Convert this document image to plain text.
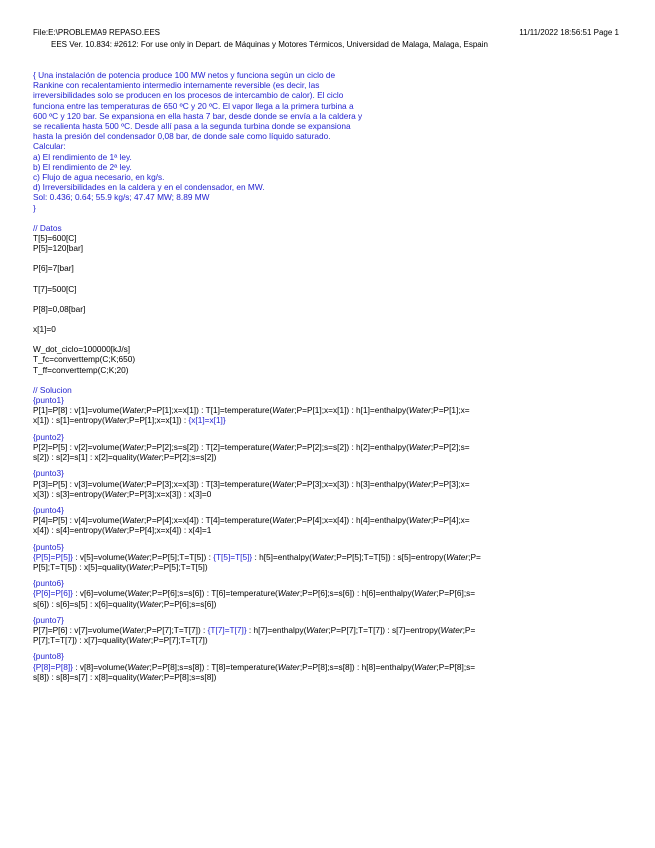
File:E:\PROBLEMA9 REPASO.EES	11/11/2022 18:56:51 Page 1
EES Ver. 10.834: #2612: For use only in Depart. de Máquinas y Motores Térmicos, Universidad de Malaga, Malaga, Espain
{ Una instalación de potencia produce 100 MW netos y funciona según un ciclo de
Rankine con recalentamiento intermedio internamente reversible (es decir, las
irreversibilidades solo se producen en los procesos de intercambio de calor). El ciclo
funciona entre las temperaturas de 650 ºC y 20 ºC. El vapor llega a la primera turbina a
600 ºC y 120 bar. Se expansiona en ella hasta 7 bar, desde donde se envía a la caldera y
se recalienta hasta 500 ºC. Desde allí pasa a la segunda turbina donde se expansiona
hasta la presión del condensador 0,08 bar, de donde sale como líquido saturado.
Calcular:
a) El rendimiento de 1ª ley.
b) El rendimiento de 2ª ley.
c) Flujo de agua necesario, en kg/s.
d) Irreversibilidades en la caldera y en el condensador, en MW.
Sol: 0.436; 0.64; 55.9 kg/s; 47.47 MW; 8.89 MW
}
// Datos
T[5]=600[C]
P[5]=120[bar]
P[6]=7[bar]
T[7]=500[C]
P[8]=0,08[bar]
x[1]=0
W_dot_ciclo=100000[kJ/s]
T_fc=converttemp(C;K;650)
T_ff=converttemp(C;K;20)
// Solucion
{punto1}
P[1]=P[8] : v[1]=volume(Water;P=P[1];x=x[1]) : T[1]=temperature(Water;P=P[1];x=x[1]) : h[1]=enthalpy(Water;P=P[1];x=
x[1]) : s[1]=entropy(Water;P=P[1];x=x[1]) : {x[1]=x[1]}
{punto2}
P[2]=P[5] : v[2]=volume(Water;P=P[2];s=s[2]) : T[2]=temperature(Water;P=P[2];s=s[2]) : h[2]=enthalpy(Water;P=P[2];s=
s[2]) : s[2]=s[1] : x[2]=quality(Water;P=P[2];s=s[2])
{punto3}
P[3]=P[5] : v[3]=volume(Water;P=P[3];x=x[3]) : T[3]=temperature(Water;P=P[3];x=x[3]) : h[3]=enthalpy(Water;P=P[3];x=
x[3]) : s[3]=entropy(Water;P=P[3];x=x[3]) : x[3]=0
{punto4}
P[4]=P[5] : v[4]=volume(Water;P=P[4];x=x[4]) : T[4]=temperature(Water;P=P[4];x=x[4]) : h[4]=enthalpy(Water;P=P[4];x=
x[4]) : s[4]=entropy(Water;P=P[4];x=x[4]) : x[4]=1
{punto5}
{P[5]=P[5]} : v[5]=volume(Water;P=P[5];T=T[5]) : {T[5]=T[5]} : h[5]=enthalpy(Water;P=P[5];T=T[5]) : s[5]=entropy(Water;P=
P[5];T=T[5]) : x[5]=quality(Water;P=P[5];T=T[5])
{punto6}
{P[6]=P[6]} : v[6]=volume(Water;P=P[6];s=s[6]) : T[6]=temperature(Water;P=P[6];s=s[6]) : h[6]=enthalpy(Water;P=P[6];s=
s[6]) : s[6]=s[5] : x[6]=quality(Water;P=P[6];s=s[6])
{punto7}
P[7]=P[6] : v[7]=volume(Water;P=P[7];T=T[7]) : {T[7]=T[7]} : h[7]=enthalpy(Water;P=P[7];T=T[7]) : s[7]=entropy(Water;P=
P[7];T=T[7]) : x[7]=quality(Water;P=P[7];T=T[7])
{punto8}
{P[8]=P[8]} : v[8]=volume(Water;P=P[8];s=s[8]) : T[8]=temperature(Water;P=P[8];s=s[8]) : h[8]=enthalpy(Water;P=P[8];s=
s[8]) : s[8]=s[7] : x[8]=quality(Water;P=P[8];s=s[8])
